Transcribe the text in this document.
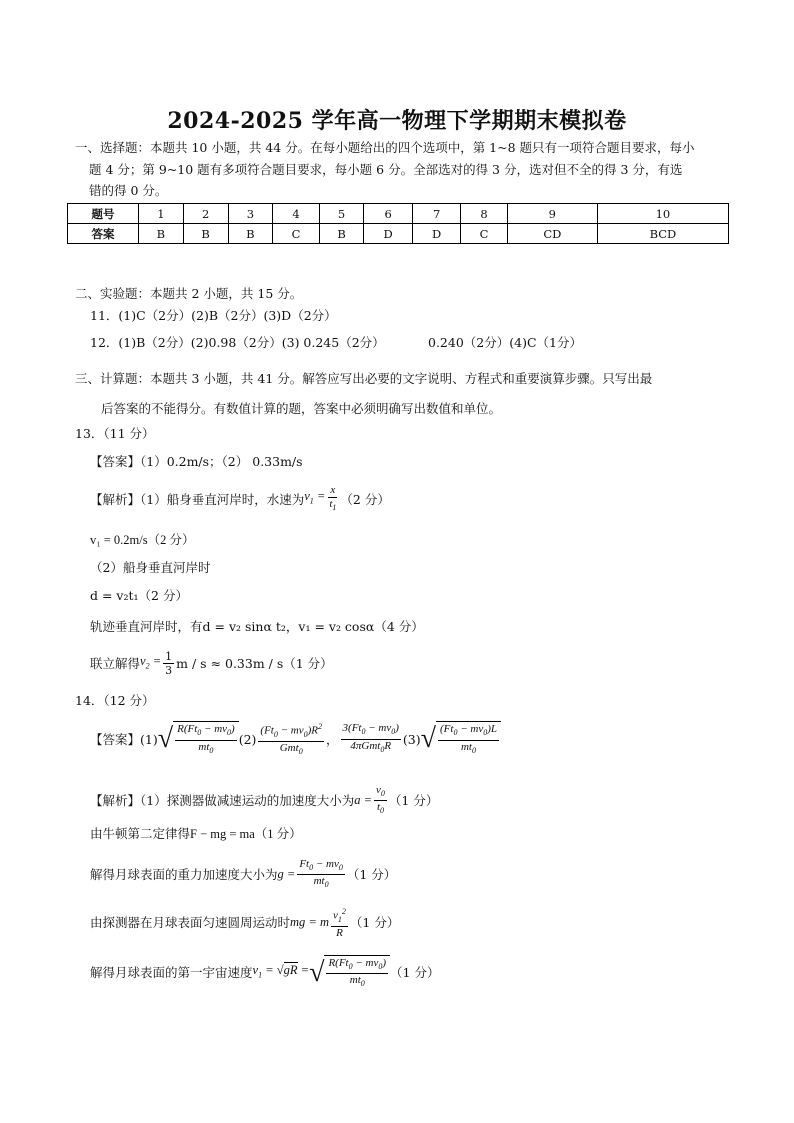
2024-2025 学年高一物理下学期期末模拟卷
一、选择题：本题共 10 小题，共 44 分。在每小题给出的四个选项中，第 1~8 题只有一项符合题目要求，每小
题 4 分；第 9~10 题有多项符合题目要求，每小题 6 分。全部选对的得 3 分，选对但不全的得 3 分，有选
错的得 0 分。
题号	1	2	3	4	5	6	7	8	9	10
答案	B	B	B	C	B	D	D	C	CD	BCD
二、实验题：本题共 2 小题，共 15 分。
11．(1)C（2分）(2)B（2分）(3)D（2分）
12．(1)B（2分）(2)0.98（2分）(3) 0.245（2分）	0.240（2分）(4)C（1分）
三、计算题：本题共 3 小题，共 41 分。解答应写出必要的文字说明、方程式和重要演算步骤。只写出最
后答案的不能得分。有数值计算的题，答案中必须明确写出数值和单位。
13．（11 分）
【答案】（1）0.2m/s；（2） 0.33m/s
【解析】（1）船身垂直河岸时，水速为 $v_1 = \frac{x}{t_1} (2$ 分）
v₁ = 0.2m/s（2 分）
（2）船身垂直河岸时
d = v₂t₁（2 分）
轨迹垂直河岸时，有d = v₂ sinα t₂，v₁ = v₂ cosα（4 分）
联立解得 $v_2 = \frac{1}{3}$ m / s ≈ 0.33m / s（1 分）
14．（12 分）
【答案】 (1) √ $\frac{R(Ft_0 - mv_0)}{mt_0} (2) \frac{(Ft_0 - mv_0)R^2}{Gmt_0}$ ， $\frac{3(Ft_0 - mv_0)}{4\pi Gmt_0R} (3)$ √ $\frac{(Ft_0 - mv_0)L}{mt_0}$
【解析】（1）探测器做减速运动的加速度大小为 $a = \frac{v_0}{t_0} (1$ 分）
由牛顿第二定律得F − mg = ma（1 分）
解得月球表面的重力加速度大小为 $g = \frac{Ft_0 - mv_0}{mt_0} (1$ 分）
由探测器在月球表面匀速圆周运动时 mg = m $\frac{v_1^2}{R} (1$ 分）
解得月球表面的第一宇宙速度 $v_1 = √gR$ = √ $\frac{R(Ft_0 - mv_0)}{mt_0} (1$ 分）
